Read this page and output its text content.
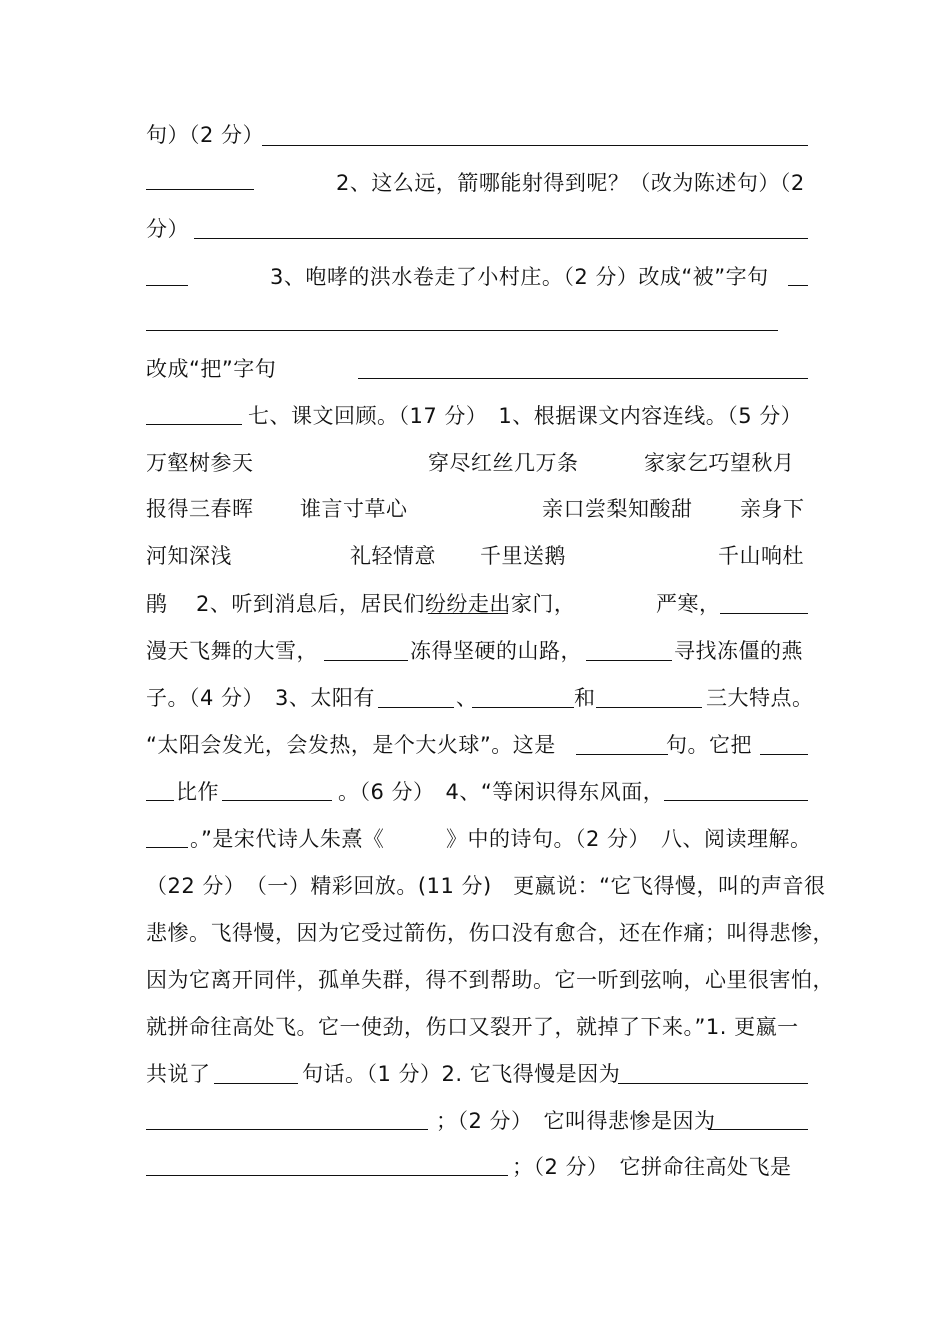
句）（2 分）
2、这么远，箭哪能射得到呢？（改为陈述句）（2
分）
3、咆哮的洪水卷走了小村庄。（2 分）改成“被”字句
改成“把”字句
七、课文回顾。（17 分）　1、根据课文内容连线。（5 分）
万壑树参天	穿尽红丝几万条	家家乞巧望秋月
报得三春晖 谁言寸草心	亲口尝梨知酸甜 亲身下
河知深浅	礼轻情意 千里送鹅	千山响杜
鹃 2、听到消息后，居民们纷纷走出家门，	严寒，
漫天飞舞的大雪，	冻得坚硬的山路，	寻找冻僵的燕
子。（4 分）　3、太阳有	、	和	三大特点。
“太阳会发光，会发热，是个大火球”。这是	句。它把
比作	。（6 分）　4、“等闲识得东风面，
。”是宋代诗人朱熹《	》中的诗句。（2 分）　八、阅读理解。
（22 分）　（一）精彩回放。(11 分)　更嬴说：“它飞得慢，叫的声音很
悲惨。飞得慢，因为它受过箭伤，伤口没有愈合，还在作痛；叫得悲惨，
因为它离开同伴，孤单失群，得不到帮助。它一听到弦响，心里很害怕，
就拼命往高处飞。它一使劲，伤口又裂开了，就掉了下来。”1. 更嬴一
共说了	句话。（1 分）2. 它飞得慢是因为
；（2 分）　它叫得悲惨是因为
；（2 分）　它拼命往高处飞是
